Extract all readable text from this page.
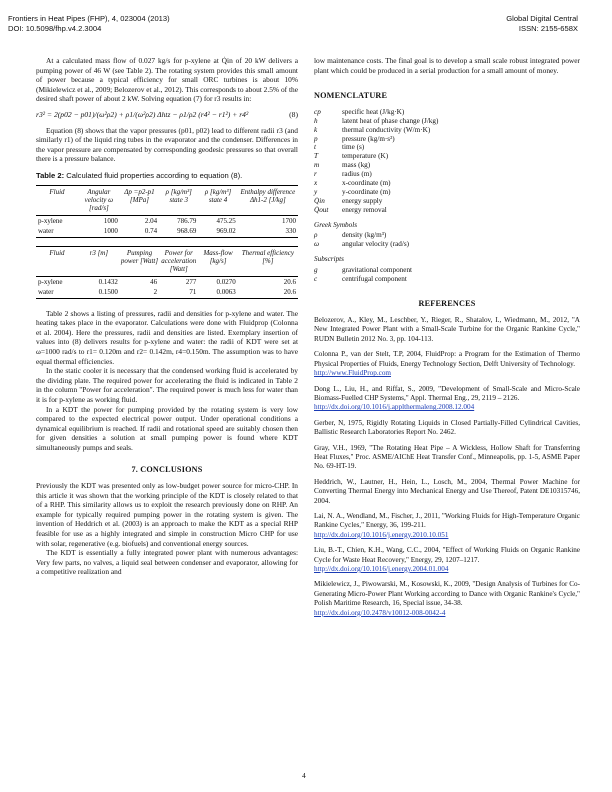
Frontiers in Heat Pipes (FHP), 4, 023004 (2013)
DOI: 10.5098/fhp.v4.2.3004
Global Digital Central
ISSN: 2155-658X

At a calculated mass flow of 0.027 kg/s for p-xylene at Q̇in of 20 kW delivers a pumping power of 46 W (see Table 2). The rotating system provides this small amount of power because a typical efficiency for small ORC turbines is about 10% (Mikielewicz et al., 2009; Belozerov et al., 2012). This corresponds to about 2.5% of the desired shaft power of about 2 kW. Solving equation (7) for r3 results in:

r3² = 2(p02 − p01)/(ω²ρ2) + ρ1/(ω²ρ2) Δhtz − ρ1/ρ2 (r4² − r1²) + r4²	(8)

Equation (8) shows that the vapor pressures (p01, p02) lead to different radii r3 (and similarly r1) of the liquid ring tubes in the evaporator and the condenser. Differences in the vapor pressure are compensated by corresponding geodesic pressures so that overall there is a pressure balance.

Table 2: Calculated fluid properties according to equation (8).
Fluid	Angular velocity ω [rad/s]	Δp =p2-p1 [MPa]	ρ [kg/m³] state 3	ρ [kg/m³] state 4	Enthalpy difference Δh1-2 [J/kg]
p-xylene	1000	2.04	786.79	475.25	1700
water	1000	0.74	968.69	969.02	330
Fluid	r3 [m]	Pumping power [Watt]	Power for acceleration [Watt]	Mass-flow [kg/s]	Thermal efficiency [%]
p-xylene	0.1432	46	277	0.0270	20.6
water	0.1500	2	71	0.0063	20.6

Table 2 shows a listing of pressures, radii and densities for p-xylene and water. The heating takes place in the evaporator. Calculations were done with Fluidprop (Colonna et al. 2004). Here the pressures, radii and densities are listed. Exemplary insertion of values into (8) delivers results for p-xylene and water: the radii of KDT were set at ω=1000 rad/s to r1= 0.120m and r2= 0.142m, r4=0.150m. The assumption was to have equal thermal efficiencies.

In the static cooler it is necessary that the condensed working fluid is accelerated by the dividing plate. The required power for accelerating the fluid is indicated in Table 2 in the column "Power for acceleration". The required power is much less for water than it is for p-xylene as working fluid.

In a KDT the power for pumping provided by the rotating system is very low compared to the expected electrical power output. Under operational conditions a dynamical equilibrium is reached. If radii and rotational speed are suitably chosen then for given densities a solution at small pumping power is found where KDT simultaneously pumps and seals.

7. CONCLUSIONS

Previously the KDT was presented only as low-budget power source for micro-CHP. In this article it was shown that the working principle of the KDT is closely related to that of a RHP. This similarity allows us to exploit the research previously done on RHP. An example for typically required pumping power in the rotating system is given. The invention of Heddrich et al. (2003) is an approach to make the KDT as a special RHP feasible for use as a highly integrated and simple in construction Micro CHP for use with solar, regenerative (e.g. biofuels) and conventional energy sources.

The KDT is essentially a fully integrated power plant with numerous advantages: Very few parts, no valves, a liquid seal between condenser and evaporator, allowing for a competitive realization and

low maintenance costs. The final goal is to develop a small scale robust integrated power plant which could be produced in a serial production for a small amount of money.

NOMENCLATURE
cp	specific heat (J/kg·K)
h	latent heat of phase change (J/kg)
k	thermal conductivity (W/m·K)
p	pressure (kg/m·s²)
t	time (s)
T	temperature (K)
m	mass (kg)
r	radius (m)
x	x-coordinate (m)
y	y-coordinate (m)
Q̇in	energy supply
Q̇out	energy removal
Greek Symbols
ρ	density (kg/m³)
ω	angular velocity (rad/s)
Subscripts
g	gravitational component
c	centrifugal component
REFERENCES
Belozerov, A., Kley, M., Leschber, Y., Rieger, R., Shatalov, I., Wiedmann, M., 2012, "A New Integrated Power Plant with a Small-Scale Turbine for the Organic Rankine Cycle," RUDN Bulletin 2012 No. 3, pp. 104-113.
Colonna P., van der Stelt, T.P, 2004, FluidProp: a Program for the Estimation of Thermo Physical Properties of Fluids, Energy Technology Section, Delft University of Technology.
http://www.FluidProp.com
Dong L., Liu, H., and Riffat, S., 2009, "Development of Small-Scale and Micro-Scale Biomass-Fuelled CHP Systems," Appl. Thermal Eng., 29, 2119 – 2126.
http://dx.doi.org/10.1016/j.applthermaleng.2008.12.004
Gerber, N, 1975, Rigidly Rotating Liquids in Closed Partially-Filled Cylindrical Cavities, Ballistic Research Laboratories Report No. 2462.
Gray, V.H., 1969, "The Rotating Heat Pipe – A Wickless, Hollow Shaft for Transferring Heat Fluxes," Proc. ASME/AIChE Heat Transfer Conf., Minneapolis, pp. 1-5, ASME Paper No. 69-HT-19.
Heddrich, W., Lautner, H., Hein, L., Losch, M., 2004, Thermal Power Machine for Converting Thermal Energy into Mechanical Energy and Use Thereof, Patent DE10315746, 2004.
Lai, N. A., Wendland, M., Fischer, J., 2011, "Working Fluids for High-Temperature Organic Rankine Cycles," Energy, 36, 199-211.
http://dx.doi.org/10.1016/j.energy.2010.10.051
Liu, B.-T., Chien, K.H., Wang, C.C., 2004, "Effect of Working Fluids on Organic Rankine Cycle for Waste Heat Recovery," Energy, 29, 1207–1217.
http://dx.doi.org/10.1016/j.energy.2004.01.004
Mikielewicz, J., Piwowarski, M., Kosowski, K., 2009, "Design Analysis of Turbines for Co-Generating Micro-Power Plant Working according to Dance with Organic Rankine's Cycle," Polish Maritime Research, 16, Special issue, 34-38.
http://dx.doi.org/10.2478/v10012-008-0042-4
4
